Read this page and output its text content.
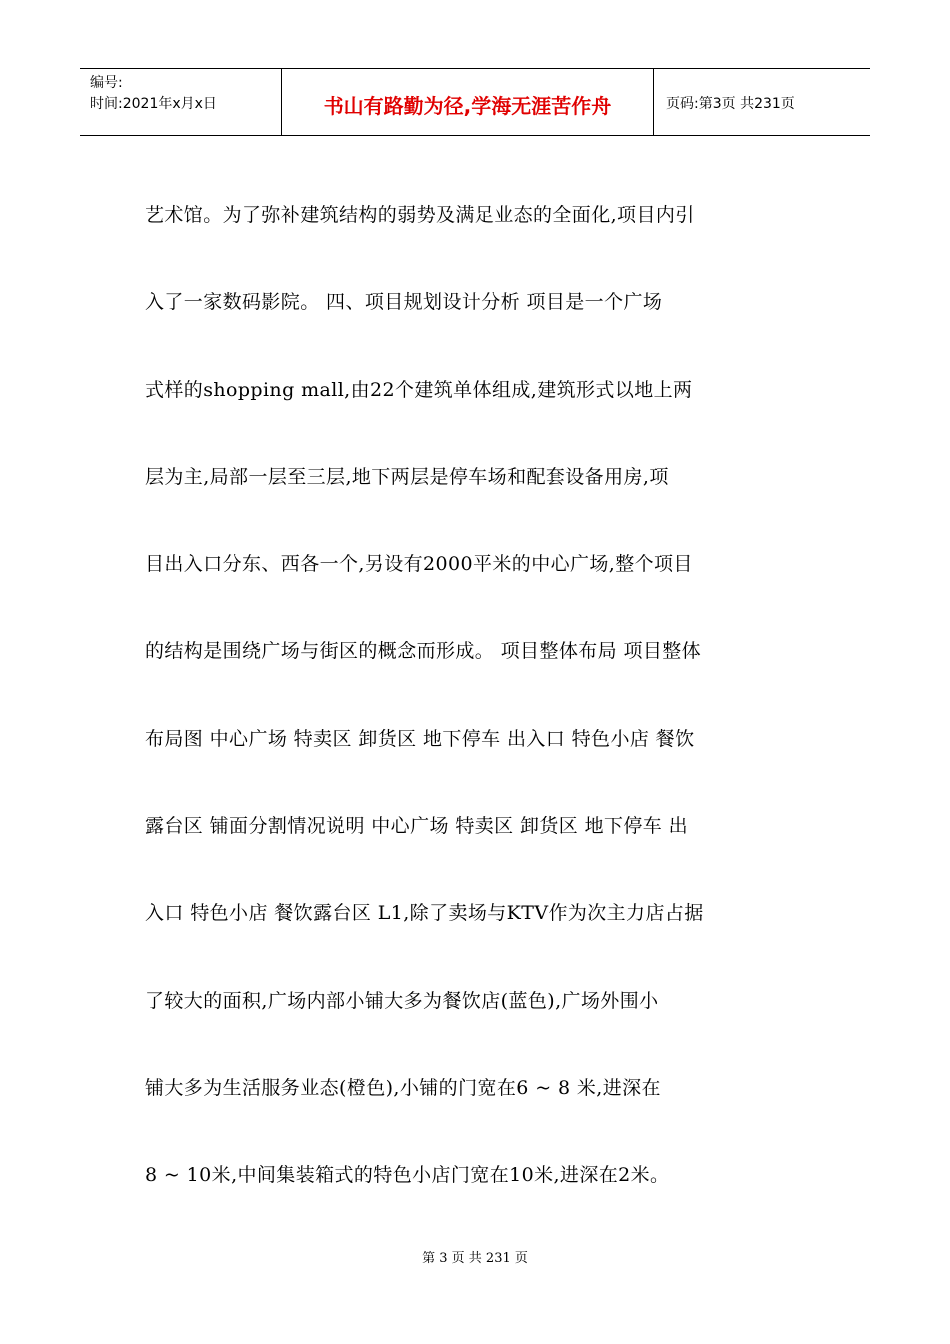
编号:
时间:2021年x月x日	书山有路勤为径,学海无涯苦作舟	页码:第3页 共231页
艺术馆。为了弥补建筑结构的弱势及满足业态的全面化,项目内引
入了一家数码影院。 四、项目规划设计分析 项目是一个广场
式样的shopping mall,由22个建筑单体组成,建筑形式以地上两
层为主,局部一层至三层,地下两层是停车场和配套设备用房,项
目出入口分东、西各一个,另设有2000平米的中心广场,整个项目
的结构是围绕广场与街区的概念而形成。 项目整体布局 项目整体
布局图 中心广场 特卖区 卸货区 地下停车 出入口 特色小店 餐饮
露台区 铺面分割情况说明 中心广场 特卖区 卸货区 地下停车 出
入口 特色小店 餐饮露台区 L1,除了卖场与KTV作为次主力店占据
了较大的面积,广场内部小铺大多为餐饮店(蓝色),广场外围小
铺大多为生活服务业态(橙色),小铺的门宽在6 ~ 8 米,进深在
8 ~ 10米,中间集装箱式的特色小店门宽在10米,进深在2米。
第 3 页 共 231 页
